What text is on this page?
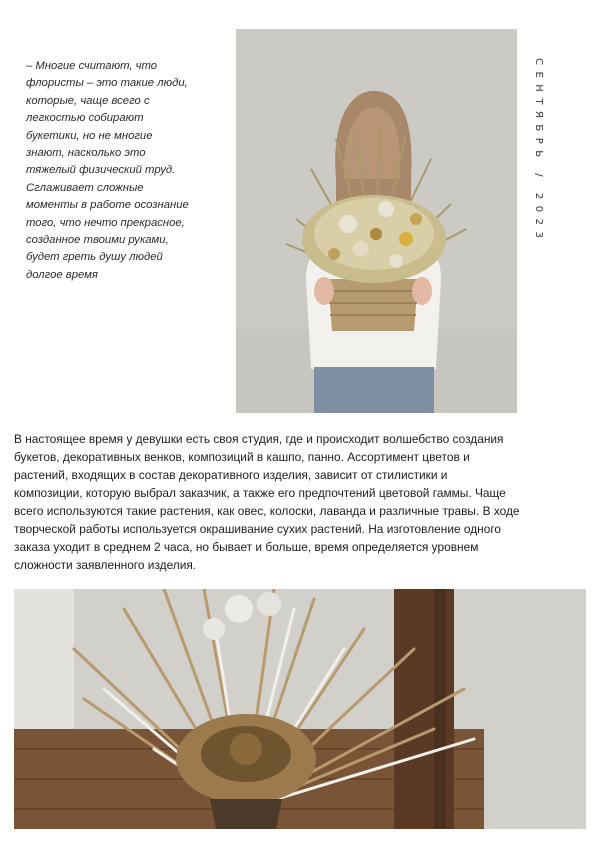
– Многие считают, что
флористы – это такие люди,
которые, чаще всего с
легкостью собирают
букетики, но не многие
знают, насколько это
тяжелый физический труд.
Сглаживает сложные
моменты в работе осознание
того, что нечто прекрасное,
созданное твоими руками,
будет греть душу людей
долгое время

СЕНТЯБРЬ / 2023

В настоящее время у девушки есть своя студия, где и происходит волшебство создания
букетов, декоративных венков, композиций в кашпо, панно. Ассортимент цветов и
растений, входящих в состав декоративного изделия, зависит от стилистики и
композиции, которую выбрал заказчик, а также его предпочтений цветовой гаммы. Чаще
всего используются такие растения, как овес, колоски, лаванда и различные травы. В ходе
творческой работы используется окрашивание сухих растений. На изготовление одного
заказа уходит в среднем 2 часа, но бывает и больше, время определяется уровнем
сложности заявленного изделия.
